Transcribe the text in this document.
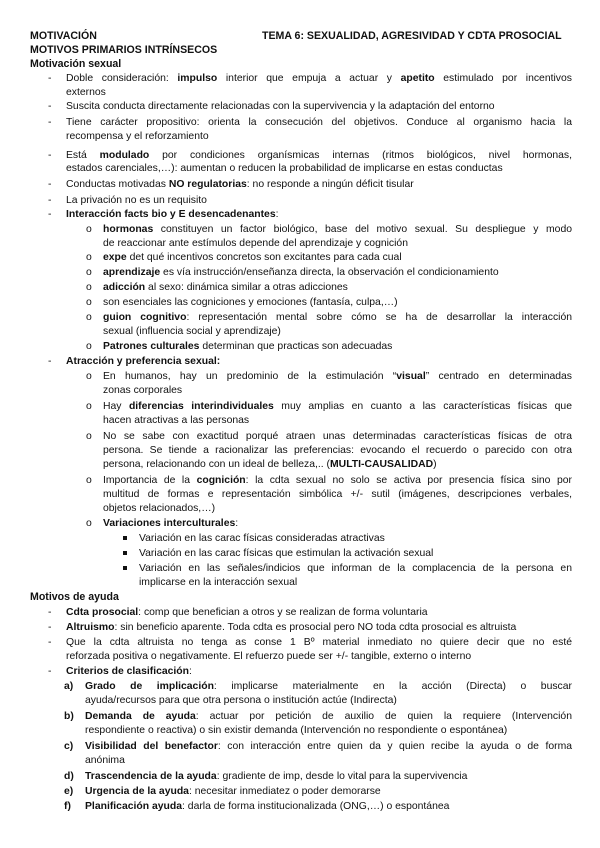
MOTIVACIÓN
MOTIVOS PRIMARIOS INTRÍNSECOS
TEMA 6: SEXUALIDAD, AGRESIVIDAD Y CDTA PROSOCIAL
Motivación sexual
- Doble consideración: impulso interior que empuja a actuar y apetito estimulado por incentivos
externos
- Suscita conducta directamente relacionadas con la supervivencia y la adaptación del entorno
- Tiene carácter propositivo: orienta la consecución del objetivos. Conduce al organismo hacia la
recompensa y el reforzamiento
- Está modulado por condiciones organísmicas internas (ritmos biológicos, nivel hormonas,
estados carenciales,…): aumentan o reducen la probabilidad de implicarse en estas conductas
- Conductas motivadas NO regulatorias: no responde a ningún déficit tisular
- La privación no es un requisito
- Interacción facts bio y E desencadenantes:
o hormonas constituyen un factor biológico, base del motivo sexual. Su despliegue y modo
de reaccionar ante estímulos depende del aprendizaje y cognición
o expe det qué incentivos concretos son excitantes para cada cual
o aprendizaje es vía instrucción/enseñanza directa, la observación el condicionamiento
o adicción al sexo: dinámica similar a otras adicciones
o son esenciales las cogniciones y emociones (fantasía, culpa,…)
o guion cognitivo: representación mental sobre cómo se ha de desarrollar la interacción
sexual (influencia social y aprendizaje)
o Patrones culturales determinan que practicas son adecuadas
- Atracción y preferencia sexual:
o En humanos, hay un predominio de la estimulación “visual” centrado en determinadas
zonas corporales
o Hay diferencias interindividuales muy amplias en cuanto a las características físicas que
hacen atractivas a las personas
o No se sabe con exactitud porqué atraen unas determinadas características físicas de otra
persona. Se tiende a racionalizar las preferencias: evocando el recuerdo o parecido con otra
persona, relacionando con un ideal de belleza,.. (MULTI-CAUSALIDAD)
o Importancia de la cognición: la cdta sexual no solo se activa por presencia física sino por
multitud de formas e representación simbólica +/- sutil (imágenes, descripciones verbales,
objetos relacionados,…)
o Variaciones interculturales:
Variación en las carac físicas consideradas atractivas
Variación en las carac físicas que estimulan la activación sexual
Variación en las señales/indicios que informan de la complacencia de la persona en
implicarse en la interacción sexual
Motivos de ayuda
- Cdta prosocial: comp que benefician a otros y se realizan de forma voluntaria
- Altruismo: sin beneficio aparente. Toda cdta es prosocial pero NO toda cdta prosocial es altruista
- Que la cdta altruista no tenga as conse 1 Bº material inmediato no quiere decir que no esté
reforzada positiva o negativamente. El refuerzo puede ser +/- tangible, externo o interno
- Criterios de clasificación:
a) Grado de implicación: implicarse materialmente en la acción (Directa) o buscar
ayuda/recursos para que otra persona o institución actúe (Indirecta)
b) Demanda de ayuda: actuar por petición de auxilio de quien la requiere (Intervención
respondiente o reactiva) o sin existir demanda (Intervención no respondiente o espontánea)
c) Visibilidad del benefactor: con interacción entre quien da y quien recibe la ayuda o de forma
anónima
d) Trascendencia de la ayuda: gradiente de imp, desde lo vital para la supervivencia
e) Urgencia de la ayuda: necesitar inmediatez o poder demorarse
f) Planificación ayuda: darla de forma institucionalizada (ONG,…) o espontánea
